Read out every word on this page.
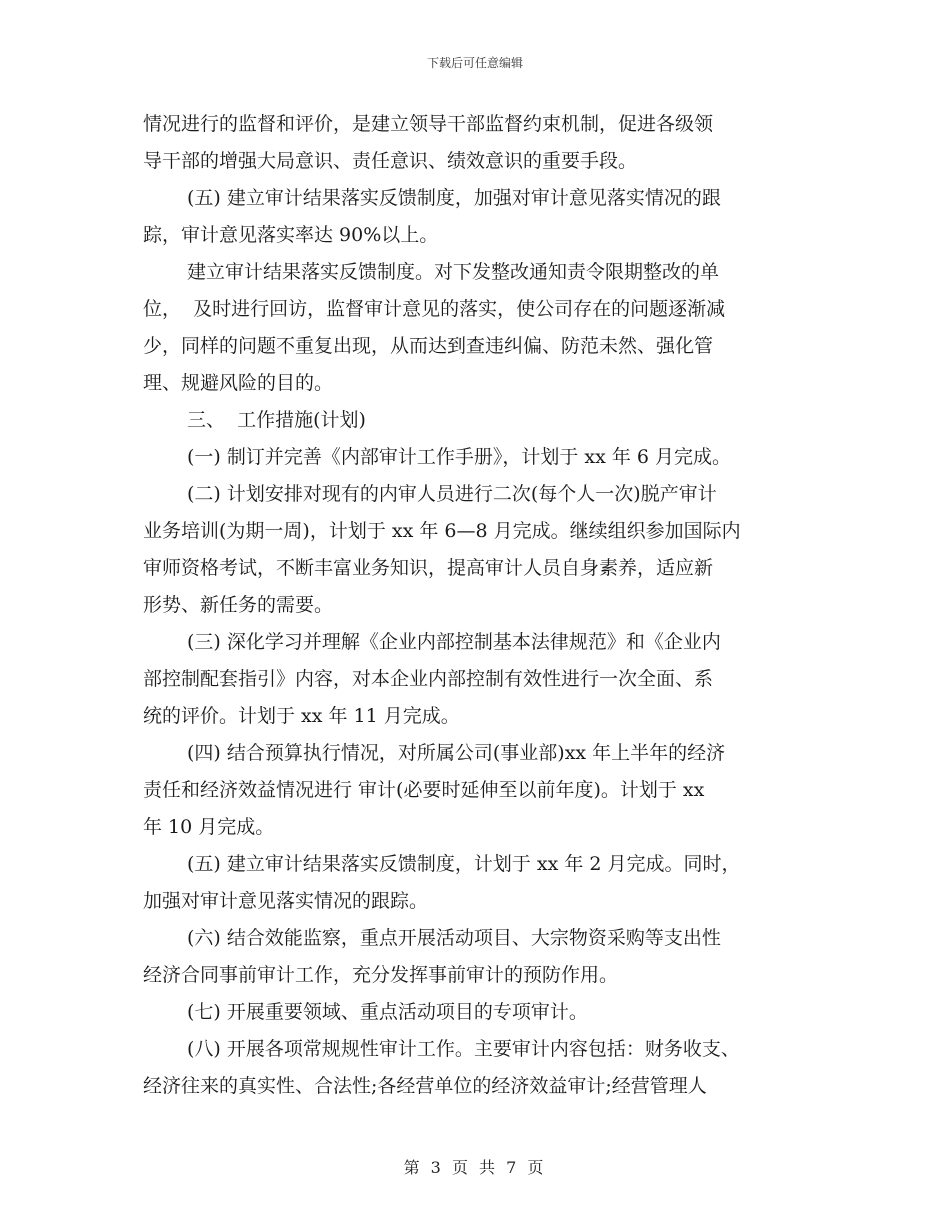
下载后可任意编辑
情况进行的监督和评价，是建立领导干部监督约束机制，促进各级领
导干部的增强大局意识、责任意识、绩效意识的重要手段。
(五) 建立审计结果落实反馈制度，加强对审计意见落实情况的跟
踪，审计意见落实率达 90%以上。
建立审计结果落实反馈制度。对下发整改通知责令限期整改的单
位，  及时进行回访，监督审计意见的落实，使公司存在的问题逐渐减
少，同样的问题不重复出现，从而达到查违纠偏、防范未然、强化管
理、规避风险的目的。
三、  工作措施(计划)
(一) 制订并完善《内部审计工作手册》，计划于 xx 年 6 月完成。
(二) 计划安排对现有的内审人员进行二次(每个人一次)脱产审计
业务培训(为期一周)，计划于 xx 年 6—8 月完成。继续组织参加国际内
审师资格考试，不断丰富业务知识，提高审计人员自身素养，适应新
形势、新任务的需要。
(三) 深化学习并理解《企业内部控制基本法律规范》和《企业内
部控制配套指引》内容，对本企业内部控制有效性进行一次全面、系
统的评价。计划于 xx 年 11 月完成。
(四) 结合预算执行情况，对所属公司(事业部)xx 年上半年的经济
责任和经济效益情况进行 审计(必要时延伸至以前年度)。计划于 xx
年 10 月完成。
(五) 建立审计结果落实反馈制度，计划于 xx 年 2 月完成。同时，
加强对审计意见落实情况的跟踪。
(六) 结合效能监察，重点开展活动项目、大宗物资采购等支出性
经济合同事前审计工作，充分发挥事前审计的预防作用。
(七) 开展重要领域、重点活动项目的专项审计。
(八) 开展各项常规规性审计工作。主要审计内容包括：财务收支、
经济往来的真实性、合法性;各经营单位的经济效益审计;经营管理人
第 3 页 共 7 页
